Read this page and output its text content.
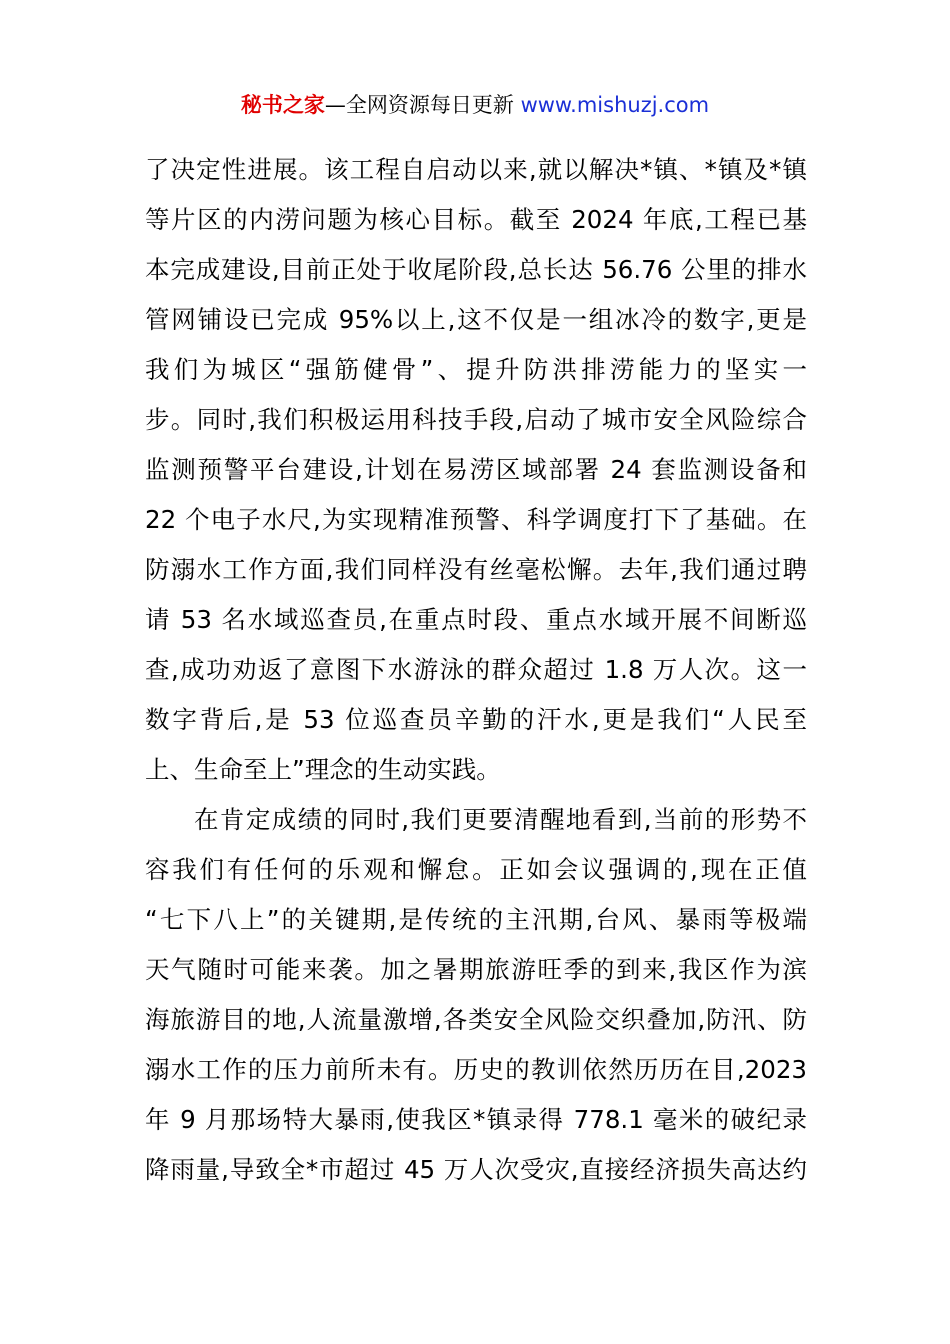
秘书之家—全网资源每日更新 www.mishuzj.com
了决定性进展。该工程自启动以来,就以解决*镇、*镇及*镇
等片区的内涝问题为核心目标。截至 2024 年底,工程已基
本完成建设,目前正处于收尾阶段,总长达 56.76 公里的排水
管网铺设已完成 95%以上,这不仅是一组冰冷的数字,更是
我们为城区“强筋健骨”、提升防洪排涝能力的坚实一
步。同时,我们积极运用科技手段,启动了城市安全风险综合
监测预警平台建设,计划在易涝区域部署 24 套监测设备和
22 个电子水尺,为实现精准预警、科学调度打下了基础。在
防溺水工作方面,我们同样没有丝毫松懈。去年,我们通过聘
请 53 名水域巡查员,在重点时段、重点水域开展不间断巡
查,成功劝返了意图下水游泳的群众超过 1.8 万人次。这一
数字背后,是 53 位巡查员辛勤的汗水,更是我们“人民至
上、生命至上”理念的生动实践。
在肯定成绩的同时,我们更要清醒地看到,当前的形势不
容我们有任何的乐观和懈怠。正如会议强调的,现在正值
“七下八上”的关键期,是传统的主汛期,台风、暴雨等极端
天气随时可能来袭。加之暑期旅游旺季的到来,我区作为滨
海旅游目的地,人流量激增,各类安全风险交织叠加,防汛、防
溺水工作的压力前所未有。历史的教训依然历历在目,2023
年 9 月那场特大暴雨,使我区*镇录得 778.1 毫米的破纪录
降雨量,导致全*市超过 45 万人次受灾,直接经济损失高达约
